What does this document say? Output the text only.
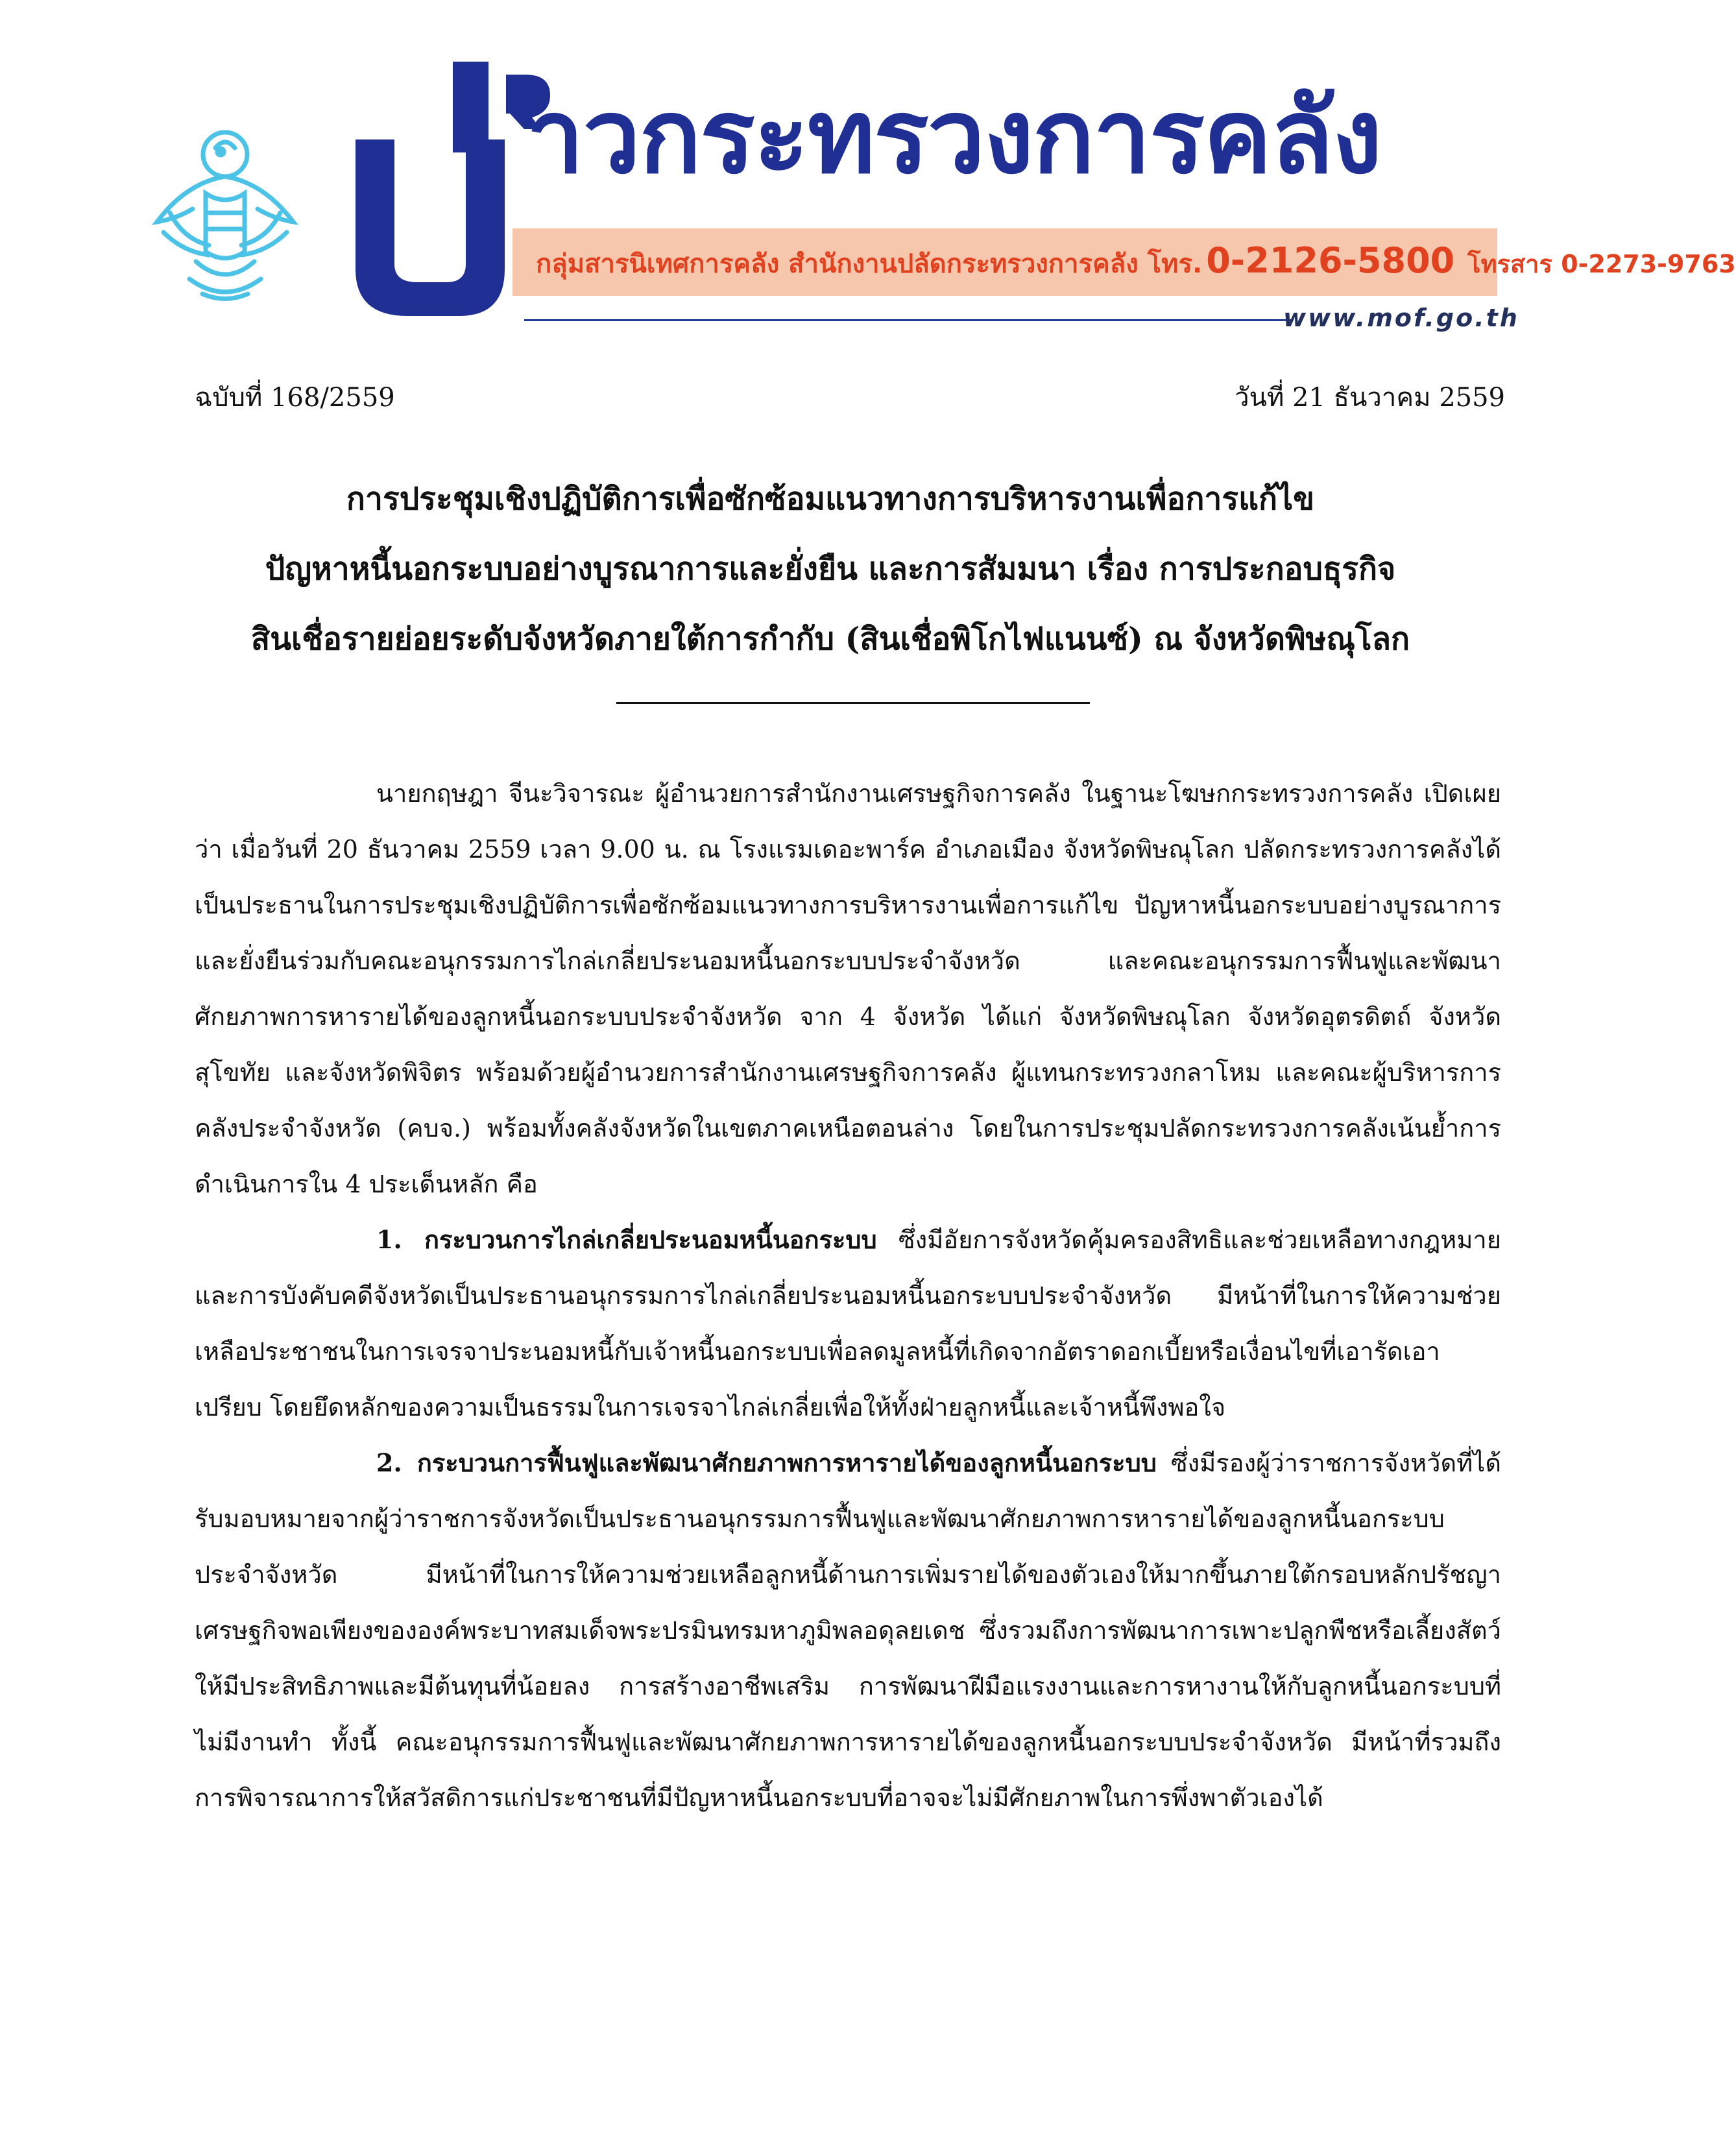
าวกระทรวงการคลัง
กลุ่มสารนิเทศการคลัง สำนักงานปลัดกระทรวงการคลัง โทร. 0-2126-5800 โทรสาร 0-2273-9763
www.mof.go.th
ฉบับที่ 168/2559	วันที่ 21 ธันวาคม 2559

การประชุมเชิงปฏิบัติการเพื่อซักซ้อมแนวทางการบริหารงานเพื่อการแก้ไข

ปัญหาหนี้นอกระบบอย่างบูรณาการและยั่งยืน และการสัมมนา เรื่อง การประกอบธุรกิจ

สินเชื่อรายย่อยระดับจังหวัดภายใต้การกำกับ (สินเชื่อพิโกไฟแนนซ์) ณ จังหวัดพิษณุโลก

นายกฤษฎา จีนะวิจารณะ ผู้อำนวยการสำนักงานเศรษฐกิจการคลัง ในฐานะโฆษกกระทรวงการคลัง เปิดเผยว่า เมื่อวันที่ 20 ธันวาคม 2559 เวลา 9.00 น. ณ โรงแรมเดอะพาร์ค อำเภอเมือง จังหวัดพิษณุโลก ปลัดกระทรวงการคลังได้เป็นประธานในการประชุมเชิงปฏิบัติการเพื่อซักซ้อมแนวทางการบริหารงานเพื่อการแก้ไข ปัญหาหนี้นอกระบบอย่างบูรณาการและยั่งยืนร่วมกับคณะอนุกรรมการไกล่เกลี่ยประนอมหนี้นอกระบบประจำจังหวัด และคณะอนุกรรมการฟื้นฟูและพัฒนาศักยภาพการหารายได้ของลูกหนี้นอกระบบประจำจังหวัด จาก 4 จังหวัด ได้แก่ จังหวัดพิษณุโลก จังหวัดอุตรดิตถ์ จังหวัดสุโขทัย และจังหวัดพิจิตร พร้อมด้วยผู้อำนวยการสำนักงานเศรษฐกิจการคลัง ผู้แทนกระทรวงกลาโหม และคณะผู้บริหารการคลังประจำจังหวัด (คบจ.) พร้อมทั้งคลังจังหวัดในเขตภาคเหนือตอนล่าง โดยในการประชุมปลัดกระทรวงการคลังเน้นย้ำการดำเนินการใน 4 ประเด็นหลัก คือ

1. กระบวนการไกล่เกลี่ยประนอมหนี้นอกระบบ ซึ่งมีอัยการจังหวัดคุ้มครองสิทธิและช่วยเหลือทางกฎหมายและการบังคับคดีจังหวัดเป็นประธานอนุกรรมการไกล่เกลี่ยประนอมหนี้นอกระบบประจำจังหวัด มีหน้าที่ในการให้ความช่วยเหลือประชาชนในการเจรจาประนอมหนี้กับเจ้าหนี้นอกระบบเพื่อลดมูลหนี้ที่เกิดจากอัตราดอกเบี้ยหรือเงื่อนไขที่เอารัดเอาเปรียบ โดยยึดหลักของความเป็นธรรมในการเจรจาไกล่เกลี่ยเพื่อให้ทั้งฝ่ายลูกหนี้และเจ้าหนี้พึงพอใจ

2. กระบวนการฟื้นฟูและพัฒนาศักยภาพการหารายได้ของลูกหนี้นอกระบบ ซึ่งมีรองผู้ว่าราชการจังหวัดที่ได้รับมอบหมายจากผู้ว่าราชการจังหวัดเป็นประธานอนุกรรมการฟื้นฟูและพัฒนาศักยภาพการหารายได้ของลูกหนี้นอกระบบประจำจังหวัด มีหน้าที่ในการให้ความช่วยเหลือลูกหนี้ด้านการเพิ่มรายได้ของตัวเองให้มากขึ้นภายใต้กรอบหลักปรัชญาเศรษฐกิจพอเพียงขององค์พระบาทสมเด็จพระปรมินทรมหาภูมิพลอดุลยเดช ซึ่งรวมถึงการพัฒนาการเพาะปลูกพืชหรือเลี้ยงสัตว์ให้มีประสิทธิภาพและมีต้นทุนที่น้อยลง การสร้างอาชีพเสริม การพัฒนาฝีมือแรงงานและการหางานให้กับลูกหนี้นอกระบบที่ไม่มีงานทำ ทั้งนี้ คณะอนุกรรมการฟื้นฟูและพัฒนาศักยภาพการหารายได้ของลูกหนี้นอกระบบประจำจังหวัด มีหน้าที่รวมถึงการพิจารณาการให้สวัสดิการแก่ประชาชนที่มีปัญหาหนี้นอกระบบที่อาจจะไม่มีศักยภาพในการพึ่งพาตัวเองได้
